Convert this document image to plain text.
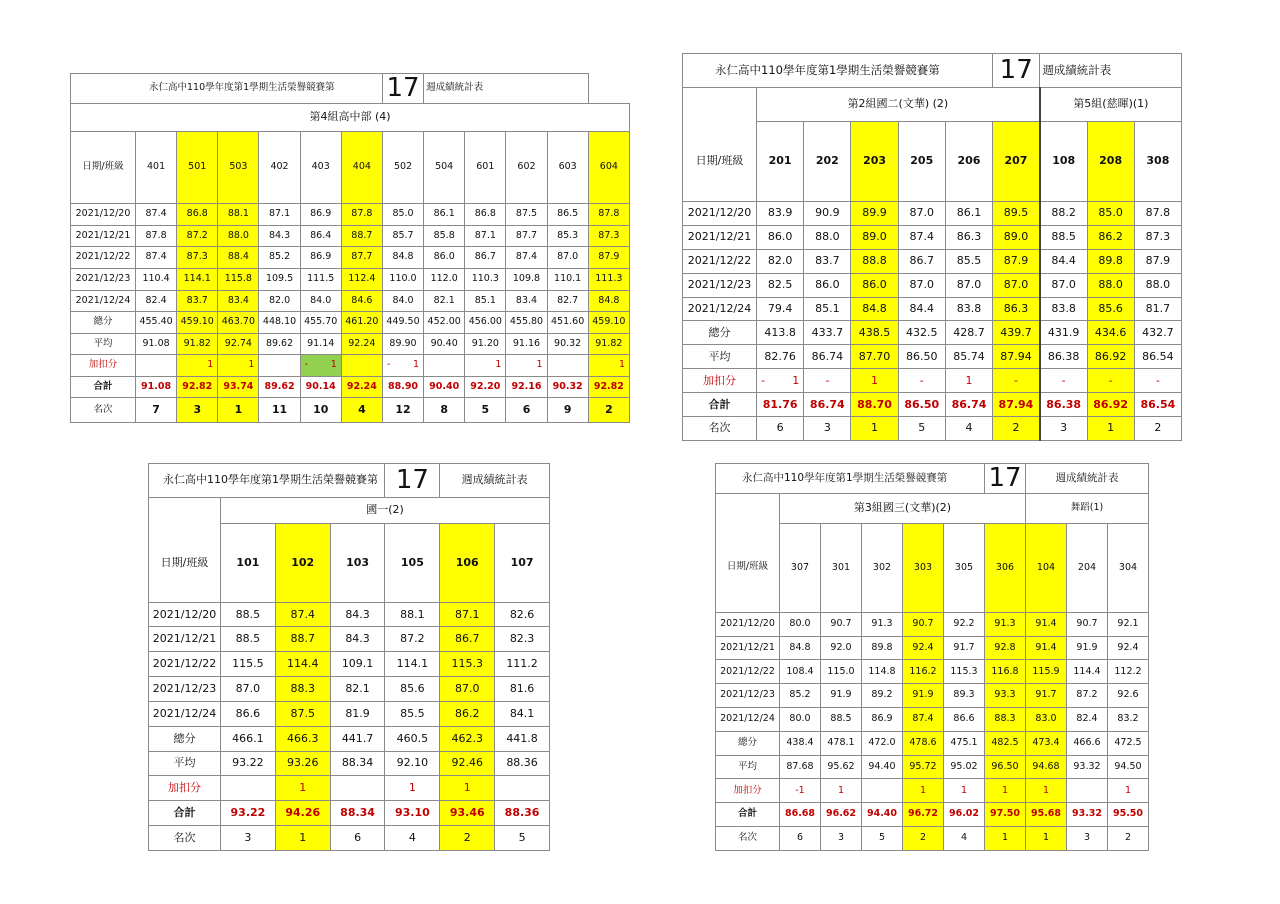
永仁高中110學年度第1學期生活榮譽競賽第							17	週成績統計表				
第4組高中部 (4)												
日期/班級	401	501	503	402	403	404	502	504	601	602	603	604
2021/12/20	87.4	86.8	88.1	87.1	86.9	87.8	85.0	86.1	86.8	87.5	86.5	87.8
2021/12/21	87.8	87.2	88.0	84.3	86.4	88.7	85.7	85.8	87.1	87.7	85.3	87.3
2021/12/22	87.4	87.3	88.4	85.2	86.9	87.7	84.8	86.0	86.7	87.4	87.0	87.9
2021/12/23	110.4	114.1	115.8	109.5	111.5	112.4	110.0	112.0	110.3	109.8	110.1	111.3
2021/12/24	82.4	83.7	83.4	82.0	84.0	84.6	84.0	82.1	85.1	83.4	82.7	84.8
總分	455.40	459.10	463.70	448.10	455.70	461.20	449.50	452.00	456.00	455.80	451.60	459.10
平均	91.08	91.82	92.74	89.62	91.14	92.24	89.90	90.40	91.20	91.16	90.32	91.82
加扣分		1	1		- 1		- 1		1	1		1
合計	91.08	92.82	93.74	89.62	90.14	92.24	88.90	90.40	92.20	92.16	90.32	92.82
名次	7	3	1	11	10	4	12	8	5	6	9	2
永仁高中110學年度第1學期生活榮譽競賽第						17	週成績統計表		
	第2組國二(文華) (2)						第5組(慈暉)(1)		
日期/班級	201	202	203	205	206	207	108	208	308
2021/12/20	83.9	90.9	89.9	87.0	86.1	89.5	88.2	85.0	87.8
2021/12/21	86.0	88.0	89.0	87.4	86.3	89.0	88.5	86.2	87.3
2021/12/22	82.0	83.7	88.8	86.7	85.5	87.9	84.4	89.8	87.9
2021/12/23	82.5	86.0	86.0	87.0	87.0	87.0	87.0	88.0	88.0
2021/12/24	79.4	85.1	84.8	84.4	83.8	86.3	83.8	85.6	81.7
總分	413.8	433.7	438.5	432.5	428.7	439.7	431.9	434.6	432.7
平均	82.76	86.74	87.70	86.50	85.74	87.94	86.38	86.92	86.54
加扣分	- 1	-	1	-	1	-	-	-	-
合計	81.76	86.74	88.70	86.50	86.74	87.94	86.38	86.92	86.54
名次	6	3	1	5	4	2	3	1	2
永仁高中110學年度第1學期生活榮譽競賽第				17	週成績統計表	
	國一(2)					
日期/班級	101	102	103	105	106	107
2021/12/20	88.5	87.4	84.3	88.1	87.1	82.6
2021/12/21	88.5	88.7	84.3	87.2	86.7	82.3
2021/12/22	115.5	114.4	109.1	114.1	115.3	111.2
2021/12/23	87.0	88.3	82.1	85.6	87.0	81.6
2021/12/24	86.6	87.5	81.9	85.5	86.2	84.1
總分	466.1	466.3	441.7	460.5	462.3	441.8
平均	93.22	93.26	88.34	92.10	92.46	88.36
加扣分		1		1	1	
合計	93.22	94.26	88.34	93.10	93.46	88.36
名次	3	1	6	4	2	5
永仁高中110學年度第1學期生活榮譽競賽第						17	週成績統計表		
	第3組國三(文華)(2)						舞蹈(1)		
日期/班級	307	301	302	303	305	306	104	204	304
2021/12/20	80.0	90.7	91.3	90.7	92.2	91.3	91.4	90.7	92.1
2021/12/21	84.8	92.0	89.8	92.4	91.7	92.8	91.4	91.9	92.4
2021/12/22	108.4	115.0	114.8	116.2	115.3	116.8	115.9	114.4	112.2
2021/12/23	85.2	91.9	89.2	91.9	89.3	93.3	91.7	87.2	92.6
2021/12/24	80.0	88.5	86.9	87.4	86.6	88.3	83.0	82.4	83.2
總分	438.4	478.1	472.0	478.6	475.1	482.5	473.4	466.6	472.5
平均	87.68	95.62	94.40	95.72	95.02	96.50	94.68	93.32	94.50
加扣分	-1	1		1	1	1	1		1
合計	86.68	96.62	94.40	96.72	96.02	97.50	95.68	93.32	95.50
名次	6	3	5	2	4	1	1	3	2
